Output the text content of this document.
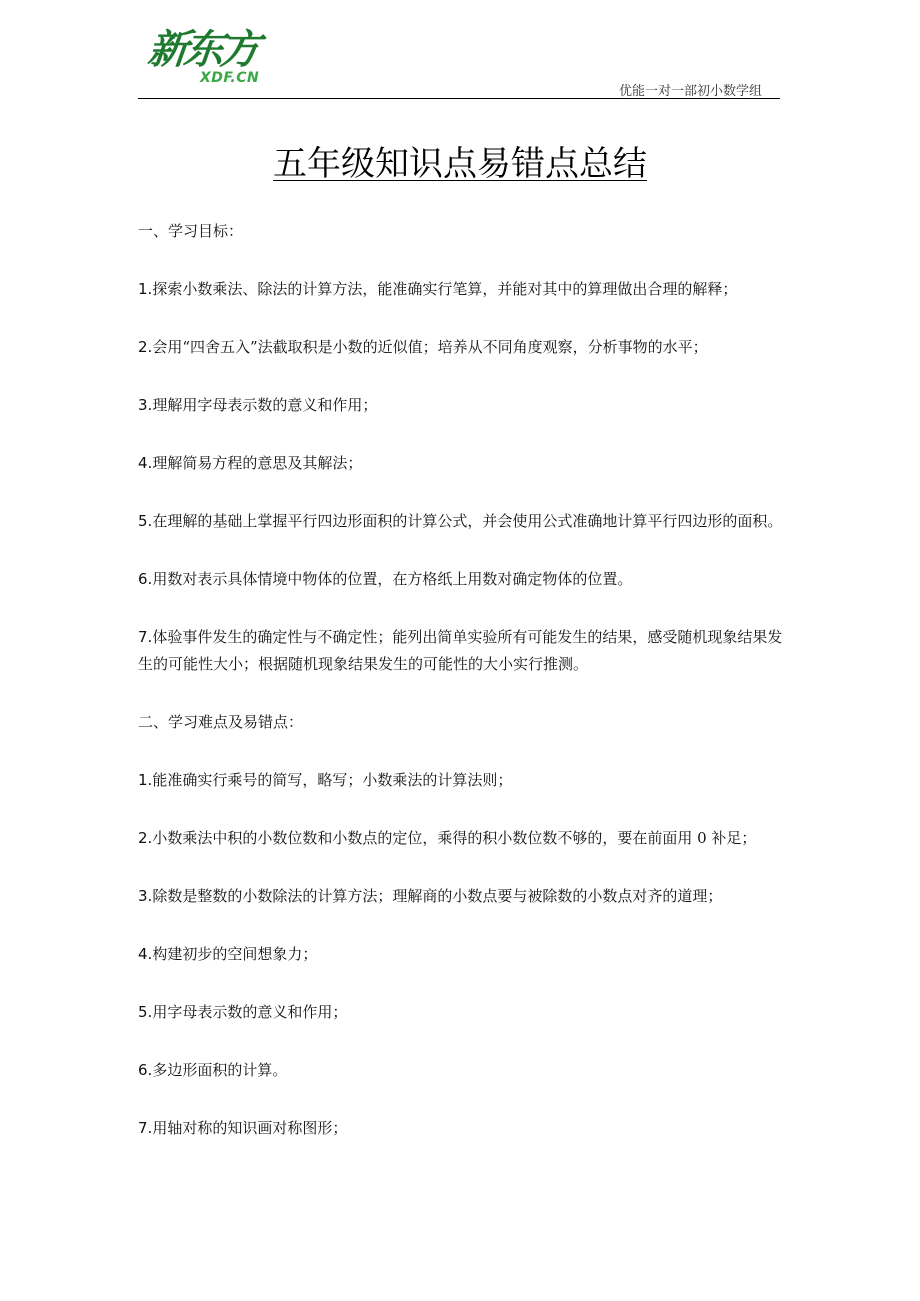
新东方
XDF.CN
优能一对一部初小数学组
五年级知识点易错点总结
一、学习目标：
1.探索小数乘法、除法的计算方法，能准确实行笔算，并能对其中的算理做出合理的解释；
2.会用“四舍五入”法截取积是小数的近似值；培养从不同角度观察，分析事物的水平；
3.理解用字母表示数的意义和作用；
4.理解简易方程的意思及其解法；
5.在理解的基础上掌握平行四边形面积的计算公式，并会使用公式准确地计算平行四边形的面积。
6.用数对表示具体情境中物体的位置，在方格纸上用数对确定物体的位置。
7.体验事件发生的确定性与不确定性；能列出简单实验所有可能发生的结果，感受随机现象结果发生的可能性大小；根据随机现象结果发生的可能性的大小实行推测。
二、学习难点及易错点：
1.能准确实行乘号的简写，略写；小数乘法的计算法则；
2.小数乘法中积的小数位数和小数点的定位，乘得的积小数位数不够的，要在前面用 0 补足；
3.除数是整数的小数除法的计算方法；理解商的小数点要与被除数的小数点对齐的道理；
4.构建初步的空间想象力；
5.用字母表示数的意义和作用；
6.多边形面积的计算。
7.用轴对称的知识画对称图形；
